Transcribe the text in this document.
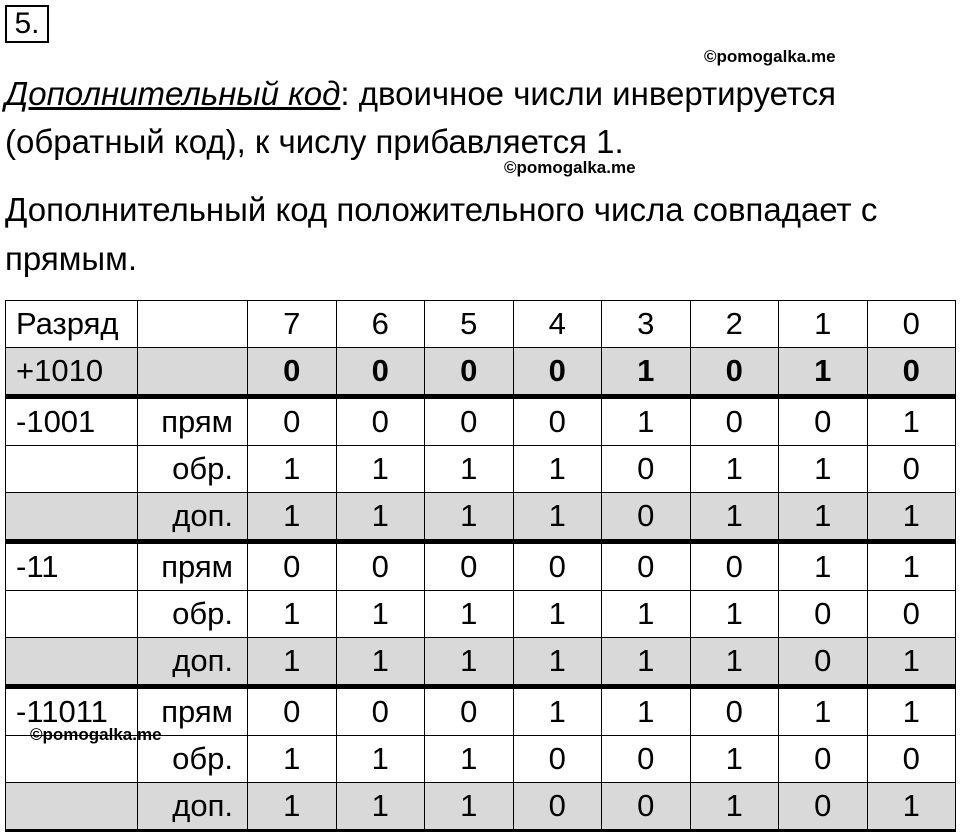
5.
©pomogalka.me
Дополнительный код: двоичное числи инвертируется
(обратный код), к числу прибавляется 1.
©pomogalka.me
Дополнительный код положительного числа совпадает с
прямым.
Разряд		7	6	5	4	3	2	1	0
+1010		0	0	0	0	1	0	1	0
-1001	прям	0	0	0	0	1	0	0	1
	обр.	1	1	1	1	0	1	1	0
	доп.	1	1	1	1	0	1	1	1
-11	прям	0	0	0	0	0	0	1	1
	обр.	1	1	1	1	1	1	0	0
	доп.	1	1	1	1	1	1	0	1
-11011	прям	0	0	0	1	1	0	1	1
	обр.	1	1	1	0	0	1	0	0
	доп.	1	1	1	0	0	1	0	1
©pomogalka.me
